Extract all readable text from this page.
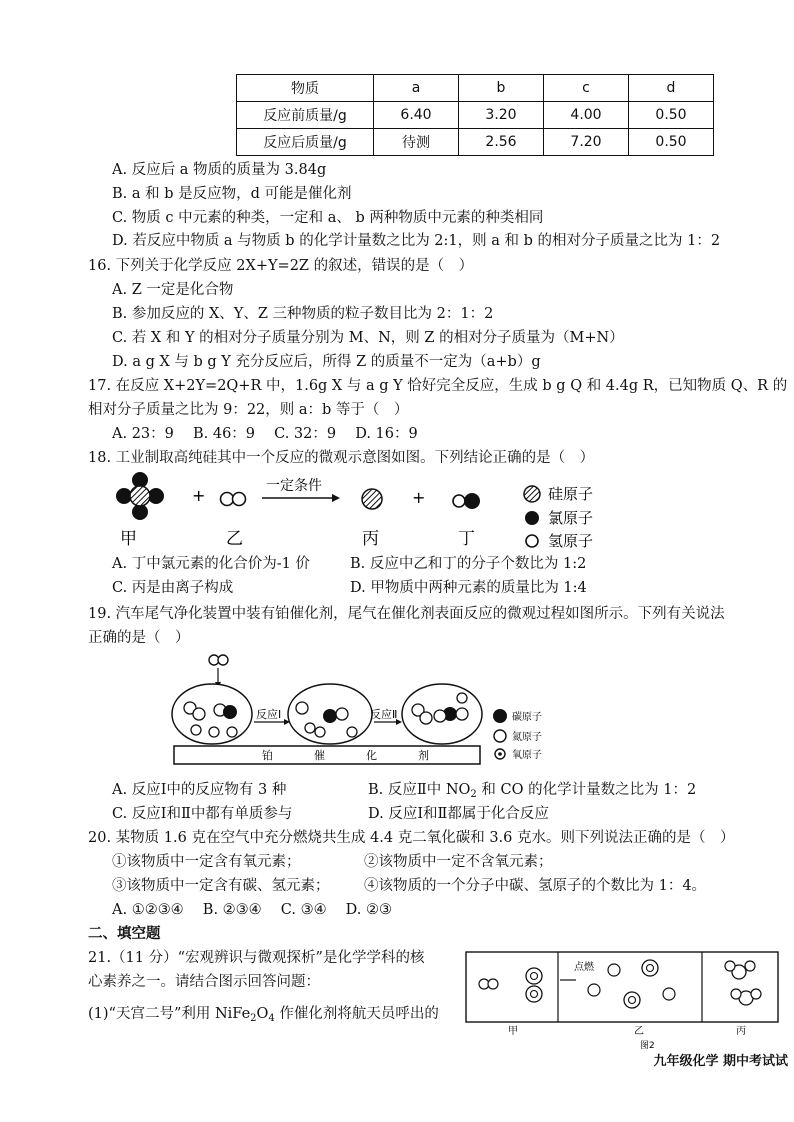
物质	a	b	c	d
反应前质量/g	6.40	3.20	4.00	0.50
反应后质量/g	待测	2.56	7.20	0.50
A. 反应后 a 物质的质量为 3.84g
B. a 和 b 是反应物，d 可能是催化剂
C. 物质 c 中元素的种类，一定和 a、 b 两种物质中元素的种类相同
D. 若反应中物质 a 与物质 b 的化学计量数之比为 2:1，则 a 和 b 的相对分子质量之比为 1：2
16. 下列关于化学反应 2X+Y=2Z 的叙述，错误的是（　）
A. Z 一定是化合物
B. 参加反应的 X、Y、Z 三种物质的粒子数目比为 2：1：2
C. 若 X 和 Y 的相对分子质量分别为 M、N，则 Z 的相对分子质量为（M+N）
D. a g X 与 b g Y 充分反应后，所得 Z 的质量不一定为（a+b）g
17. 在反应 X+2Y=2Q+R 中，1.6g X 与 a g Y 恰好完全反应，生成 b g Q 和 4.4g R，已知物质 Q、R 的
相对分子质量之比为 9：22，则 a：b 等于（　）
A. 23：9　 B. 46：9　 C. 32：9　 D. 16：9
18. 工业制取高纯硅其中一个反应的微观示意图如图。下列结论正确的是（　）
+	一定条件
+
甲	乙	丙	丁
硅原子
氯原子
氢原子
A. 丁中氯元素的化合价为-1 价	B. 反应中乙和丁的分子个数比为 1:2
C. 丙是由离子构成	D. 甲物质中两种元素的质量比为 1:4
19. 汽车尾气净化装置中装有铂催化剂，尾气在催化剂表面反应的微观过程如图所示。下列有关说法
正确的是（　）
反应Ⅰ	反应Ⅱ
铂	催	化	剂
碳原子
氮原子
氧原子
A. 反应Ⅰ中的反应物有 3 种	B. 反应Ⅱ中 $NO_2$ 和 CO 的化学计量数之比为 1：2
C. 反应Ⅰ和Ⅱ中都有单质参与	D. 反应Ⅰ和Ⅱ都属于化合反应
20. 某物质 1.6 克在空气中充分燃烧共生成 4.4 克二氧化碳和 3.6 克水。则下列说法正确的是（　）
①该物质中一定含有氧元素；	②该物质中一定不含氧元素；
③该物质中一定含有碳、氢元素； ④该物质的一个分子中碳、氢原子的个数比为 1：4。
A. ①②③④　 B. ②③④　 C. ③④　 D. ②③
二、填空题
21.（11 分）“宏观辨识与微观探析”是化学学科的核
心素养之一。请结合图示回答问题：
(1)“天宫二号”利用 $NiFe_2O_4$ 作催化剂将航天员呼出的
点燃
甲	乙	丙
图2
九年级化学 期中考试试
